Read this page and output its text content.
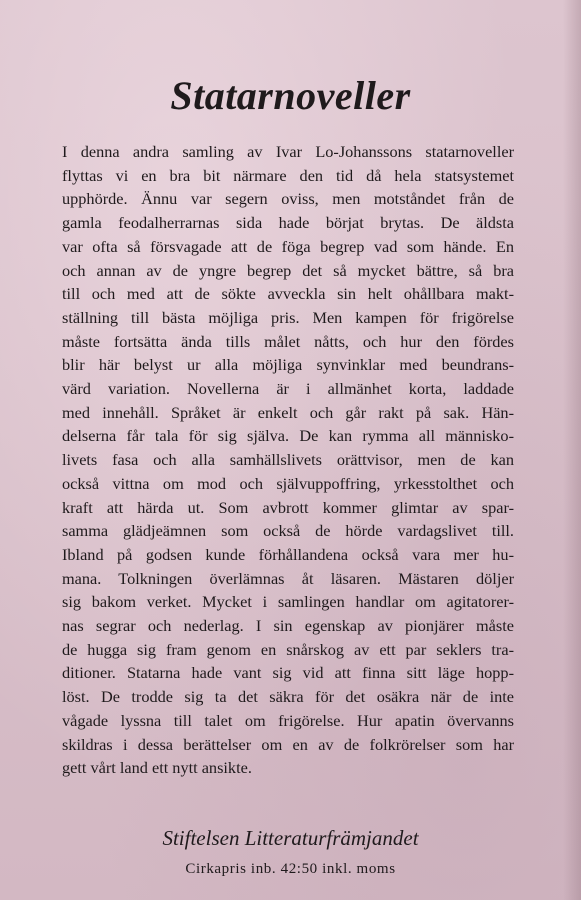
Statarnoveller
I denna andra samling av Ivar Lo-Johanssons statarnoveller
flyttas vi en bra bit närmare den tid då hela statsystemet
upphörde. Ännu var segern oviss, men motståndet från de
gamla feodalherrarnas sida hade börjat brytas. De äldsta
var ofta så försvagade att de föga begrep vad som hände. En
och annan av de yngre begrep det så mycket bättre, så bra
till och med att de sökte avveckla sin helt ohållbara makt-
ställning till bästa möjliga pris. Men kampen för frigörelse
måste fortsätta ända tills målet nåtts, och hur den fördes
blir här belyst ur alla möjliga synvinklar med beundrans-
värd variation. Novellerna är i allmänhet korta, laddade
med innehåll. Språket är enkelt och går rakt på sak. Hän-
delserna får tala för sig själva. De kan rymma all människo-
livets fasa och alla samhällslivets orättvisor, men de kan
också vittna om mod och självuppoffring, yrkesstolthet och
kraft att härda ut. Som avbrott kommer glimtar av spar-
samma glädjeämnen som också de hörde vardagslivet till.
Ibland på godsen kunde förhållandena också vara mer hu-
mana. Tolkningen överlämnas åt läsaren. Mästaren döljer
sig bakom verket. Mycket i samlingen handlar om agitatorer-
nas segrar och nederlag. I sin egenskap av pionjärer måste
de hugga sig fram genom en snårskog av ett par seklers tra-
ditioner. Statarna hade vant sig vid att finna sitt läge hopp-
löst. De trodde sig ta det säkra för det osäkra när de inte
vågade lyssna till talet om frigörelse. Hur apatin övervanns
skildras i dessa berättelser om en av de folkrörelser som har
gett vårt land ett nytt ansikte.

Stiftelsen Litteraturfrämjandet

Cirkapris inb. 42:50 inkl. moms
